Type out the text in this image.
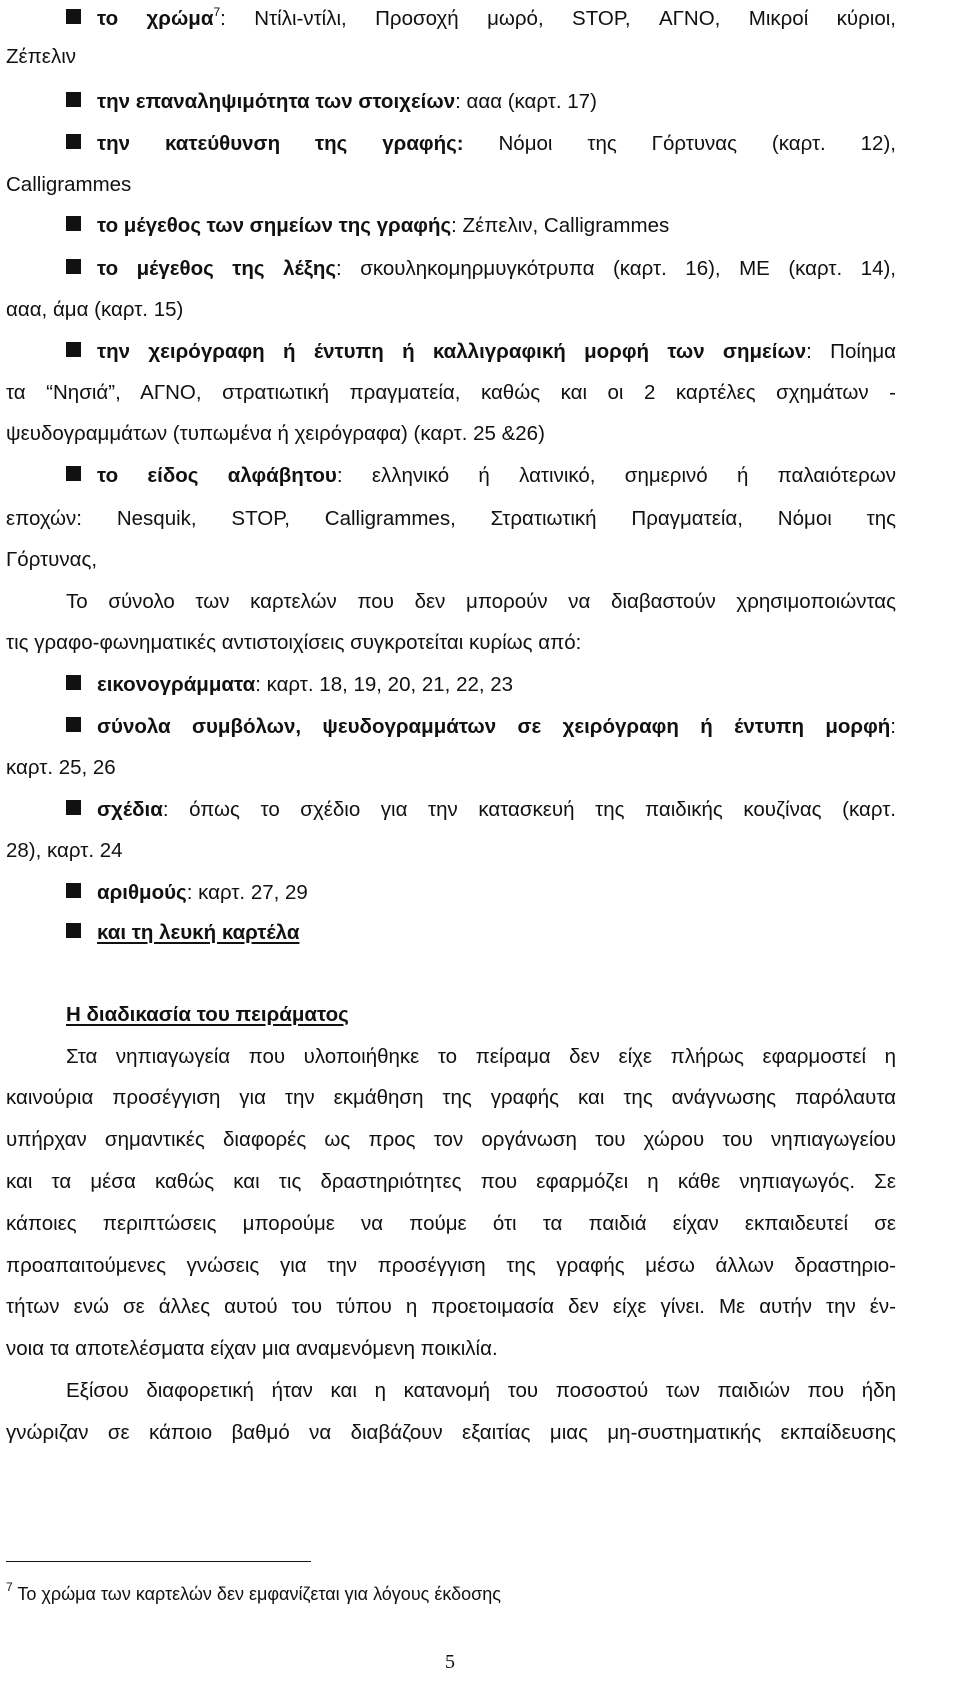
το χρώμα$^7$: Ντίλι-ντίλι, Προσοχή μωρό, STOP, ΑΓΝΟ, Μικροί κύριοι,
Ζέπελιν
την επαναληψιμότητα των στοιχείων: ααα (καρτ. 17)
την κατεύθυνση της γραφής: Νόμοι της Γόρτυνας (καρτ. 12),
Calligrammes
το μέγεθος των σημείων της γραφής: Ζέπελιν, Calligrammes
το μέγεθος της λέξης: σκουληκομηρμυγκότρυπα (καρτ. 16), ΜΕ (καρτ. 14),
ααα, άμα (καρτ. 15)
την χειρόγραφη ή έντυπη ή καλλιγραφική μορφή των σημείων: Ποίημα
τα “Νησιά”, ΑΓΝΟ, στρατιωτική πραγματεία, καθώς και οι 2 καρτέλες σχημάτων -
ψευδογραμμάτων (τυπωμένα ή χειρόγραφα) (καρτ. 25 &26)
το είδος αλφάβητου: ελληνικό ή λατινικό, σημερινό ή παλαιότερων
εποχών: Nesquik, STOP, Calligrammes, Στρατιωτική Πραγματεία, Νόμοι της
Γόρτυνας,
Το σύνολο των καρτελών που δεν μπορούν να διαβαστούν χρησιμοποιώντας
τις γραφο-φωνηματικές αντιστοιχίσεις συγκροτείται κυρίως από:
εικονογράμματα: καρτ. 18, 19, 20, 21, 22, 23
σύνολα συμβόλων, ψευδογραμμάτων σε χειρόγραφη ή έντυπη μορφή:
καρτ. 25, 26
σχέδια: όπως το σχέδιο για την κατασκευή της παιδικής κουζίνας (καρτ.
28), καρτ. 24
αριθμούς: καρτ. 27, 29
και τη λευκή καρτέλα
Η διαδικασία του πειράματος
Στα νηπιαγωγεία που υλοποιήθηκε το πείραμα δεν είχε πλήρως εφαρμοστεί η
καινούρια προσέγγιση για την εκμάθηση της γραφής και της ανάγνωσης παρόλαυτα
υπήρχαν σημαντικές διαφορές ως προς τον οργάνωση του χώρου του νηπιαγωγείου
και τα μέσα καθώς και τις δραστηριότητες που εφαρμόζει η κάθε νηπιαγωγός. Σε
κάποιες περιπτώσεις μπορούμε να πούμε ότι τα παιδιά είχαν εκπαιδευτεί σε
προαπαιτούμενες γνώσεις για την προσέγγιση της γραφής μέσω άλλων δραστηριο-
τήτων ενώ σε άλλες αυτού του τύπου η προετοιμασία δεν είχε γίνει. Με αυτήν την έν-
νοια τα αποτελέσματα είχαν μια αναμενόμενη ποικιλία.
Εξίσου διαφορετική ήταν και η κατανομή του ποσοστού των παιδιών που ήδη
γνώριζαν σε κάποιο βαθμό να διαβάζουν εξαιτίας μιας μη-συστηματικής εκπαίδευσης
$^7$ Το χρώμα των καρτελών δεν εμφανίζεται για λόγους έκδοσης
5
